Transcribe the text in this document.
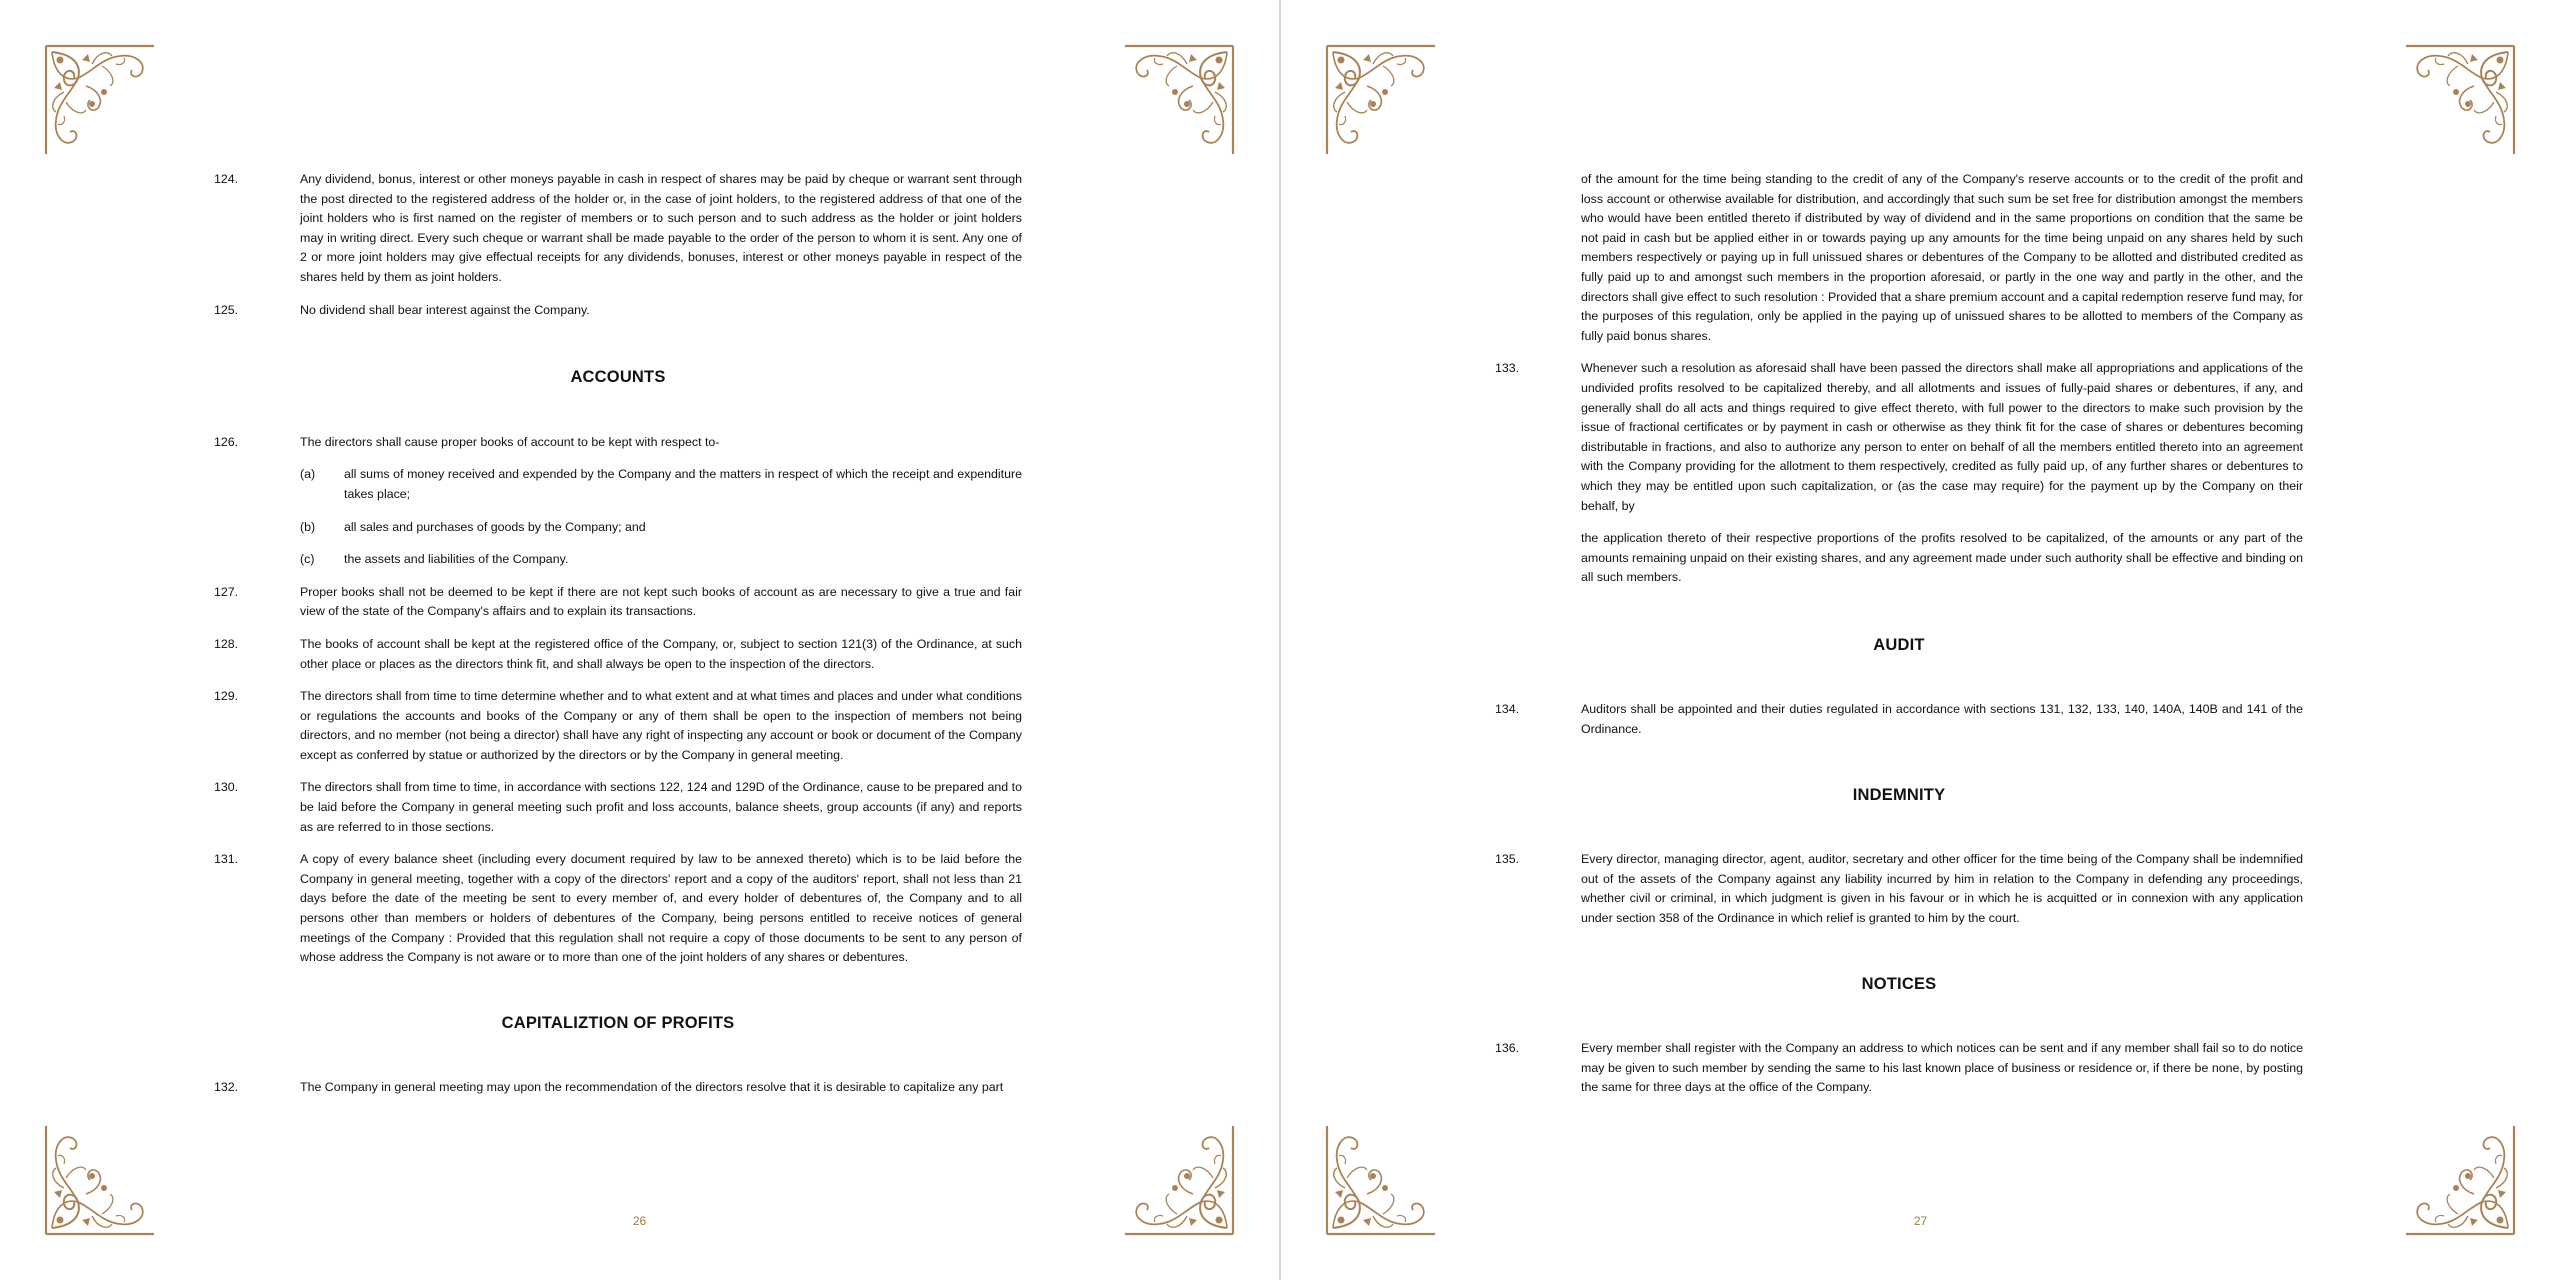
124.	Any dividend, bonus, interest or other moneys payable in cash in respect of shares may be paid by cheque or warrant sent through the post directed to the registered address of the holder or, in the case of joint holders, to the registered address of that one of the joint holders who is first named on the register of members or to such person and to such address as the holder or joint holders may in writing direct. Every such cheque or warrant shall be made payable to the order of the person to whom it is sent. Any one of 2 or more joint holders may give effectual receipts for any dividends, bonuses, interest or other moneys payable in respect of the shares held by them as joint holders.
125.	No dividend shall bear interest against the Company.
ACCOUNTS
126.	The directors shall cause proper books of account to be kept with respect to-
(a) all sums of money received and expended by the Company and the matters in respect of which the receipt and expenditure takes place;
(b) all sales and purchases of goods by the Company; and
(c) the assets and liabilities of the Company.
127.	Proper books shall not be deemed to be kept if there are not kept such books of account as are necessary to give a true and fair view of the state of the Company's affairs and to explain its transactions.
128.	The books of account shall be kept at the registered office of the Company, or, subject to section 121(3) of the Ordinance, at such other place or places as the directors think fit, and shall always be open to the inspection of the directors.
129.	The directors shall from time to time determine whether and to what extent and at what times and places and under what conditions or regulations the accounts and books of the Company or any of them shall be open to the inspection of members not being directors, and no member (not being a director) shall have any right of inspecting any account or book or document of the Company except as conferred by statue or authorized by the directors or by the Company in general meeting.
130.	The directors shall from time to time, in accordance with sections 122, 124 and 129D of the Ordinance, cause to be prepared and to be laid before the Company in general meeting such profit and loss accounts, balance sheets, group accounts (if any) and reports as are referred to in those sections.
131.	A copy of every balance sheet (including every document required by law to be annexed thereto) which is to be laid before the Company in general meeting, together with a copy of the directors' report and a copy of the auditors' report, shall not less than 21 days before the date of the meeting be sent to every member of, and every holder of debentures of, the Company and to all persons other than members or holders of debentures of the Company, being persons entitled to receive notices of general meetings of the Company : Provided that this regulation shall not require a copy of those documents to be sent to any person of whose address the Company is not aware or to more than one of the joint holders of any shares or debentures.
CAPITALIZTION OF PROFITS
132.	The Company in general meeting may upon the recommendation of the directors resolve that it is desirable to capitalize any part
26
of the amount for the time being standing to the credit of any of the Company's reserve accounts or to the credit of the profit and loss account or otherwise available for distribution, and accordingly that such sum be set free for distribution amongst the members who would have been entitled thereto if distributed by way of dividend and in the same proportions on condition that the same be not paid in cash but be applied either in or towards paying up any amounts for the time being unpaid on any shares held by such members respectively or paying up in full unissued shares or debentures of the Company to be allotted and distributed credited as fully paid up to and amongst such members in the proportion aforesaid, or partly in the one way and partly in the other, and the directors shall give effect to such resolution : Provided that a share premium account and a capital redemption reserve fund may, for the purposes of this regulation, only be applied in the paying up of unissued shares to be allotted to members of the Company as fully paid bonus shares.
133.	Whenever such a resolution as aforesaid shall have been passed the directors shall make all appropriations and applications of the undivided profits resolved to be capitalized thereby, and all allotments and issues of fully-paid shares or debentures, if any, and generally shall do all acts and things required to give effect thereto, with full power to the directors to make such provision by the issue of fractional certificates or by payment in cash or otherwise as they think fit for the case of shares or debentures becoming distributable in fractions, and also to authorize any person to enter on behalf of all the members entitled thereto into an agreement with the Company providing for the allotment to them respectively, credited as fully paid up, of any further shares or debentures to which they may be entitled upon such capitalization, or (as the case may require) for the payment up by the Company on their behalf, by
the application thereto of their respective proportions of the profits resolved to be capitalized, of the amounts or any part of the amounts remaining unpaid on their existing shares, and any agreement made under such authority shall be effective and binding on all such members.
AUDIT
134.	Auditors shall be appointed and their duties regulated in accordance with sections 131, 132, 133, 140, 140A, 140B and 141 of the Ordinance.
INDEMNITY
135.	Every director, managing director, agent, auditor, secretary and other officer for the time being of the Company shall be indemnified out of the assets of the Company against any liability incurred by him in relation to the Company in defending any proceedings, whether civil or criminal, in which judgment is given in his favour or in which he is acquitted or in connexion with any application under section 358 of the Ordinance in which relief is granted to him by the court.
NOTICES
136.	Every member shall register with the Company an address to which notices can be sent and if any member shall fail so to do notice may be given to such member by sending the same to his last known place of business or residence or, if there be none, by posting the same for three days at the office of the Company.
27
